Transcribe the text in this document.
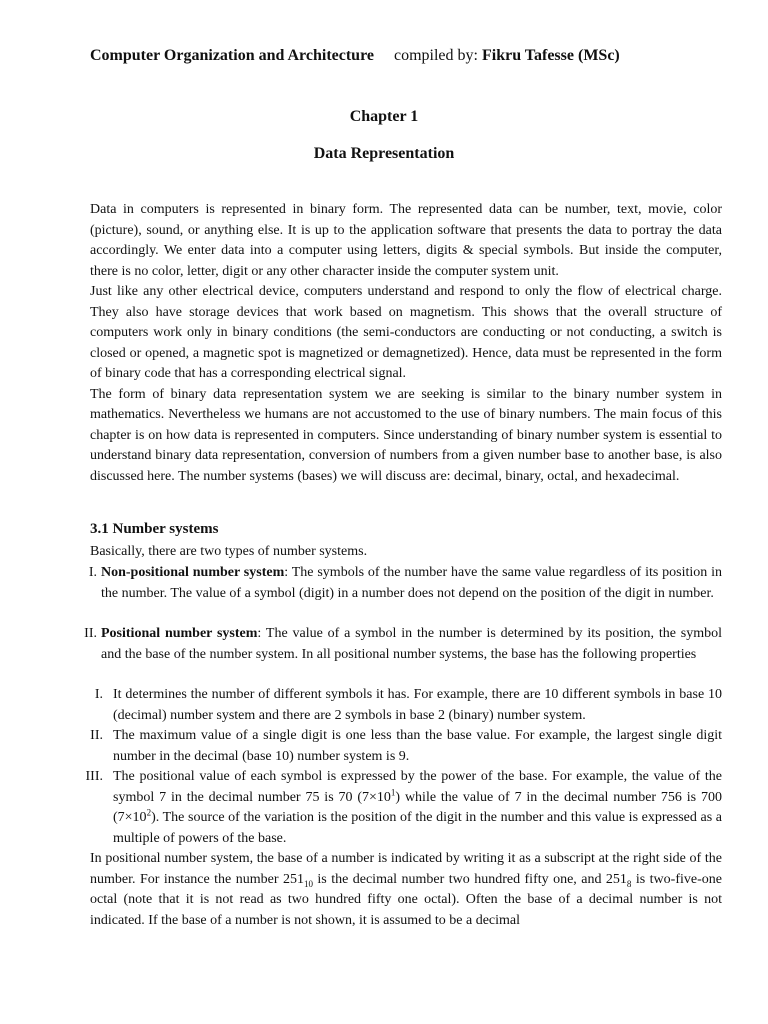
Computer Organization and Architecture compiled by: Fikru Tafesse (MSc)
Chapter 1
Data Representation

Data in computers is represented in binary form. The represented data can be number, text, movie, color (picture), sound, or anything else. It is up to the application software that presents the data to portray the data accordingly. We enter data into a computer using letters, digits & special symbols. But inside the computer, there is no color, letter, digit or any other character inside the computer system unit.

Just like any other electrical device, computers understand and respond to only the flow of electrical charge. They also have storage devices that work based on magnetism. This shows that the overall structure of computers work only in binary conditions (the semi-conductors are conducting or not conducting, a switch is closed or opened, a magnetic spot is magnetized or demagnetized). Hence, data must be represented in the form of binary code that has a corresponding electrical signal.

The form of binary data representation system we are seeking is similar to the binary number system in mathematics. Nevertheless we humans are not accustomed to the use of binary numbers. The main focus of this chapter is on how data is represented in computers. Since understanding of binary number system is essential to understand binary data representation, conversion of numbers from a given number base to another base, is also discussed here. The number systems (bases) we will discuss are: decimal, binary, octal, and hexadecimal.

3.1 Number systems
Basically, there are two types of number systems.
I. Non-positional number system: The symbols of the number have the same value regardless of its position in the number. The value of a symbol (digit) in a number does not depend on the position of the digit in number.
II. Positional number system: The value of a symbol in the number is determined by its position, the symbol and the base of the number system. In all positional number systems, the base has the following properties
I. It determines the number of different symbols it has. For example, there are 10 different symbols in base 10 (decimal) number system and there are 2 symbols in base 2 (binary) number system.
II. The maximum value of a single digit is one less than the base value. For example, the largest single digit number in the decimal (base 10) number system is 9.
III. The positional value of each symbol is expressed by the power of the base. For example, the value of the symbol 7 in the decimal number 75 is 70 $(7\times 10^1)$ while the value of 7 in the decimal number 756 is 700 $(7\times 10^2)$. The source of the variation is the position of the digit in the number and this value is expressed as a multiple of powers of the base.
In positional number system, the base of a number is indicated by writing it as a subscript at the right side of the number. For instance the number $251_{10}$ is the decimal number two hundred fifty one, and $251_8$ is two-five-one octal (note that it is not read as two hundred fifty one octal). Often the base of a decimal number is not indicated. If the base of a number is not shown, it is assumed to be a decimal
